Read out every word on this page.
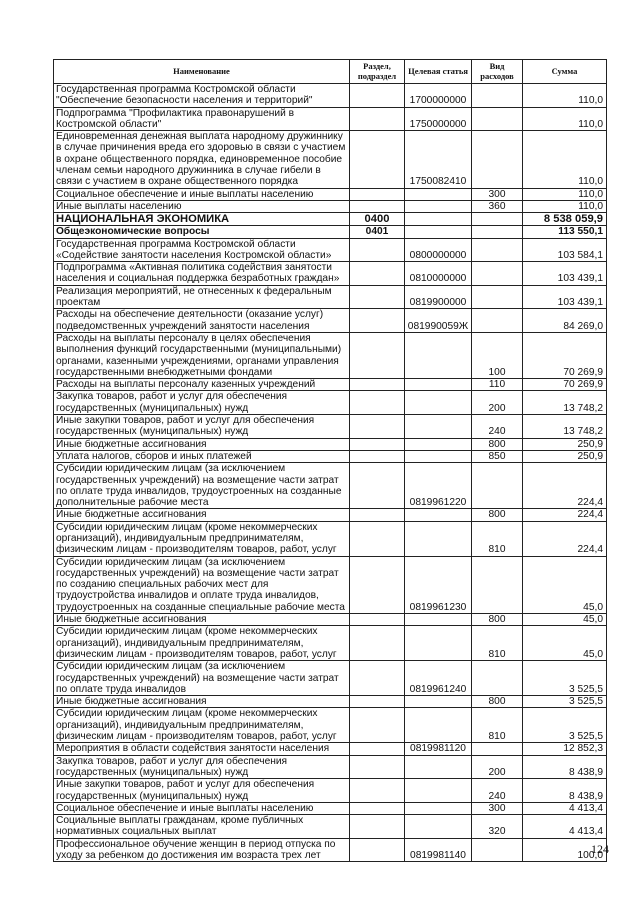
Наименование	Раздел, подраздел	Целевая статья	Вид расходов	Сумма
Государственная программа Костромской области "Обеспечение безопасности населения и территорий"		1700000000		110,0
Подпрограмма "Профилактика правонарушений в Костромской области"		1750000000		110,0
Единовременная денежная выплата народному дружиннику в случае причинения вреда его здоровью в связи с участием в охране общественного порядка, единовременное пособие членам семьи народного дружинника в случае гибели в связи с участием в охране общественного порядка		1750082410		110,0
Социальное обеспечение и иные выплаты населению			300	110,0
Иные выплаты населению			360	110,0
НАЦИОНАЛЬНАЯ ЭКОНОМИКА	0400			8 538 059,9
Общеэкономические вопросы	0401			113 550,1
Государственная программа Костромской области «Содействие занятости населения Костромской области»		0800000000		103 584,1
Подпрограмма «Активная политика содействия занятости населения и социальная поддержка безработных граждан»		0810000000		103 439,1
Реализация мероприятий, не отнесенных к федеральным проектам		0819900000		103 439,1
Расходы на обеспечение деятельности (оказание услуг) подведомственных учреждений занятости населения		081990059Ж		84 269,0
Расходы на выплаты персоналу в целях обеспечения выполнения функций государственными (муниципальными) органами, казенными учреждениями, органами управления государственными внебюджетными фондами			100	70 269,9
Расходы на выплаты персоналу казенных учреждений			110	70 269,9
Закупка товаров, работ и услуг для обеспечения государственных (муниципальных) нужд			200	13 748,2
Иные закупки товаров, работ и услуг для обеспечения государственных (муниципальных) нужд			240	13 748,2
Иные бюджетные ассигнования			800	250,9
Уплата налогов, сборов и иных платежей			850	250,9
Субсидии юридическим лицам (за исключением государственных учреждений) на возмещение части затрат по оплате труда инвалидов, трудоустроенных на созданные дополнительные рабочие места		0819961220		224,4
Иные бюджетные ассигнования			800	224,4
Субсидии юридическим лицам (кроме некоммерческих организаций), индивидуальным предпринимателям, физическим лицам - производителям товаров, работ, услуг			810	224,4
Субсидии юридическим лицам (за исключением государственных учреждений) на возмещение части затрат по созданию специальных рабочих мест для трудоустройства инвалидов и оплате труда инвалидов, трудоустроенных на созданные специальные рабочие места		0819961230		45,0
Иные бюджетные ассигнования			800	45,0
Субсидии юридическим лицам (кроме некоммерческих организаций), индивидуальным предпринимателям, физическим лицам - производителям товаров, работ, услуг			810	45,0
Субсидии юридическим лицам (за исключением государственных учреждений) на возмещение части затрат по оплате труда инвалидов		0819961240		3 525,5
Иные бюджетные ассигнования			800	3 525,5
Субсидии юридическим лицам (кроме некоммерческих организаций), индивидуальным предпринимателям, физическим лицам - производителям товаров, работ, услуг			810	3 525,5
Мероприятия в области содействия занятости населения		0819981120		12 852,3
Закупка товаров, работ и услуг для обеспечения государственных (муниципальных) нужд			200	8 438,9
Иные закупки товаров, работ и услуг для обеспечения государственных (муниципальных) нужд			240	8 438,9
Социальное обеспечение и иные выплаты населению			300	4 413,4
Социальные выплаты гражданам, кроме публичных нормативных социальных выплат			320	4 413,4
Профессиональное обучение женщин в период отпуска по уходу за ребенком до достижения им возраста трех лет		0819981140		100,0
124
